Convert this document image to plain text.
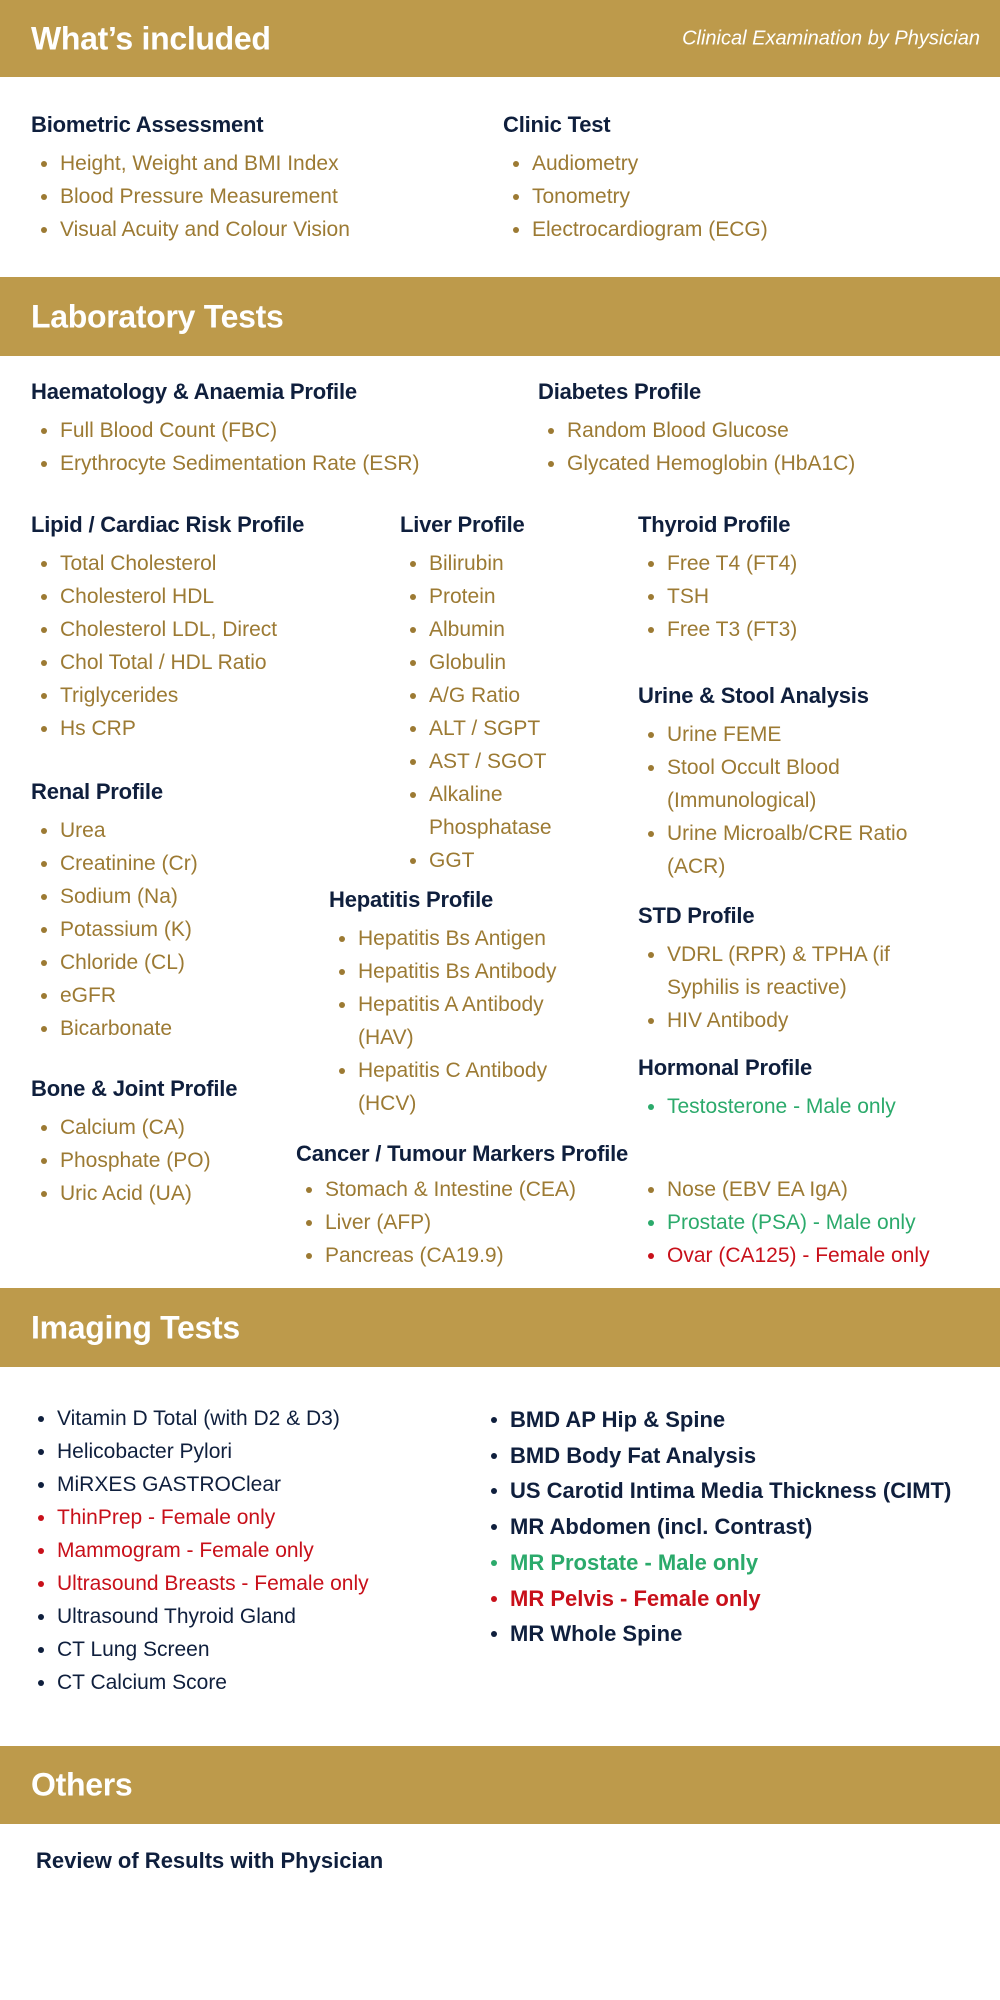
What’s included	Clinical Examination by Physician
Laboratory Tests
Imaging Tests
Others
Review of Results with Physician
Biometric Assessment
Height, Weight and BMI Index
Blood Pressure Measurement
Visual Acuity and Colour Vision
Clinic Test
Audiometry
Tonometry
Electrocardiogram (ECG)
Haematology & Anaemia Profile
Full Blood Count (FBC)
Erythrocyte Sedimentation Rate (ESR)
Diabetes Profile
Random Blood Glucose
Glycated Hemoglobin (HbA1C)
Lipid / Cardiac Risk Profile
Total Cholesterol
Cholesterol HDL
Cholesterol LDL, Direct
Chol Total / HDL Ratio
Triglycerides
Hs CRP
Liver Profile
Bilirubin
Protein
Albumin
Globulin
A/G Ratio
ALT / SGPT
AST / SGOT
Alkaline Phosphatase
GGT
Thyroid Profile
Free T4 (FT4)
TSH
Free T3 (FT3)
Urine & Stool Analysis
Urine FEME
Stool Occult Blood (Immunological)
Urine Microalb/CRE Ratio (ACR)
Renal Profile
Urea
Creatinine (Cr)
Sodium (Na)
Potassium (K)
Chloride (CL)
eGFR
Bicarbonate
Hepatitis Profile
Hepatitis Bs Antigen
Hepatitis Bs Antibody
Hepatitis A Antibody (HAV)
Hepatitis C Antibody (HCV)
STD Profile
VDRL (RPR) & TPHA (if Syphilis is reactive)
HIV Antibody
Hormonal Profile
Testosterone - Male only
Bone & Joint Profile
Calcium (CA)
Phosphate (PO)
Uric Acid (UA)
Cancer / Tumour Markers Profile
Stomach & Intestine (CEA)
Liver (AFP)
Pancreas (CA19.9)
Nose (EBV EA IgA)
Prostate (PSA) - Male only
Ovar (CA125) - Female only
Vitamin D Total (with D2 & D3)
Helicobacter Pylori
MiRXES GASTROClear
ThinPrep - Female only
Mammogram - Female only
Ultrasound Breasts - Female only
Ultrasound Thyroid Gland
CT Lung Screen
CT Calcium Score
BMD AP Hip & Spine
BMD Body Fat Analysis
US Carotid Intima Media Thickness (CIMT)
MR Abdomen (incl. Contrast)
MR Prostate - Male only
MR Pelvis - Female only
MR Whole Spine
